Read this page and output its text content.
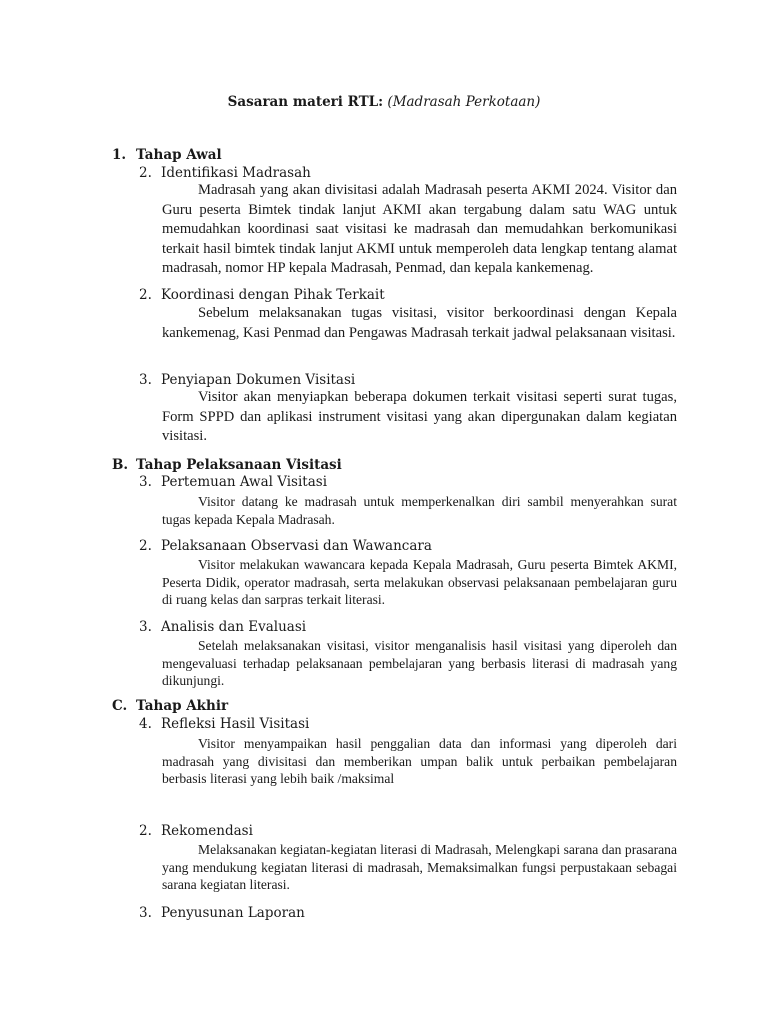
Sasaran materi RTL: (Madrasah Perkotaan)
1. Tahap Awal
2. Identifikasi Madrasah

Madrasah yang akan divisitasi adalah Madrasah peserta AKMI 2024. Visitor dan Guru peserta Bimtek tindak lanjut AKMI akan tergabung dalam satu WAG untuk memudahkan koordinasi saat visitasi ke madrasah dan memudahkan berkomunikasi terkait hasil bimtek tindak lanjut AKMI untuk memperoleh data lengkap tentang alamat madrasah, nomor HP kepala Madrasah, Penmad, dan kepala kankemenag.

2. Koordinasi dengan Pihak Terkait

Sebelum melaksanakan tugas visitasi, visitor berkoordinasi dengan Kepala kankemenag, Kasi Penmad dan Pengawas Madrasah terkait jadwal pelaksanaan visitasi.

3. Penyiapan Dokumen Visitasi

Visitor akan menyiapkan beberapa dokumen terkait visitasi seperti surat tugas, Form SPPD dan aplikasi instrument visitasi yang akan dipergunakan dalam kegiatan visitasi.

B. Tahap Pelaksanaan Visitasi
3. Pertemuan Awal Visitasi

Visitor datang ke madrasah untuk memperkenalkan diri sambil menyerahkan surat tugas kepada Kepala Madrasah.

2. Pelaksanaan Observasi dan Wawancara

Visitor melakukan wawancara kepada Kepala Madrasah, Guru peserta Bimtek AKMI, Peserta Didik, operator madrasah, serta melakukan observasi pelaksanaan pembelajaran guru di ruang kelas dan sarpras terkait literasi.

3. Analisis dan Evaluasi

Setelah melaksanakan visitasi, visitor menganalisis hasil visitasi yang diperoleh dan mengevaluasi terhadap pelaksanaan pembelajaran yang berbasis literasi di madrasah yang dikunjungi.

C. Tahap Akhir
4. Refleksi Hasil Visitasi

Visitor menyampaikan hasil penggalian data dan informasi yang diperoleh dari madrasah yang divisitasi dan memberikan umpan balik untuk perbaikan pembelajaran berbasis literasi yang lebih baik /maksimal

2. Rekomendasi

Melaksanakan kegiatan-kegiatan literasi di Madrasah, Melengkapi sarana dan prasarana yang mendukung kegiatan literasi di madrasah, Memaksimalkan fungsi perpustakaan sebagai sarana kegiatan literasi.

3. Penyusunan Laporan
